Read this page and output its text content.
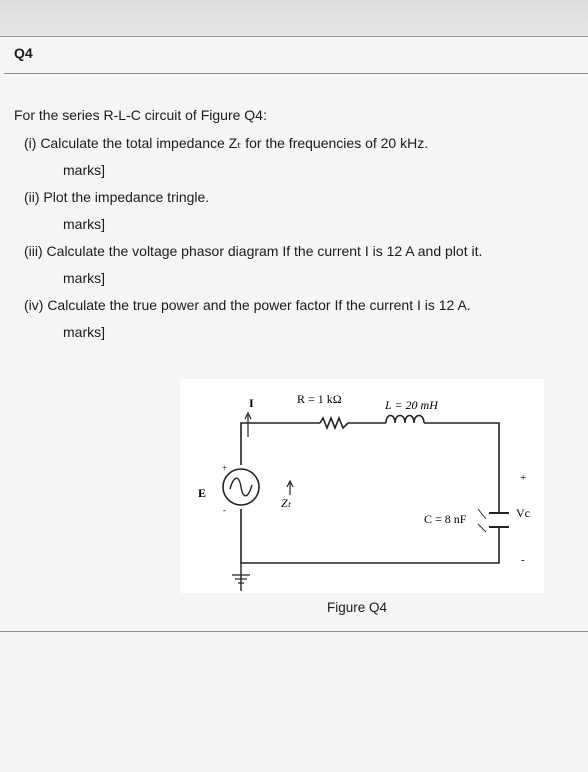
Q4
For the series R-L-C circuit of Figure Q4:
(i) Calculate the total impedance Zₜ for the frequencies of 20 kHz.
marks]
(ii) Plot the impedance tringle.
marks]
(iii) Calculate the voltage phasor diagram If the current I is 12 A and plot it.
marks]
(iv) Calculate the true power and the power factor If the current I is 12 A.
marks]
I	R = 1 kΩ	L = 20 mH
C = 8 nF
E
Zₜ
Vc
+
-
+
-
Figure Q4
